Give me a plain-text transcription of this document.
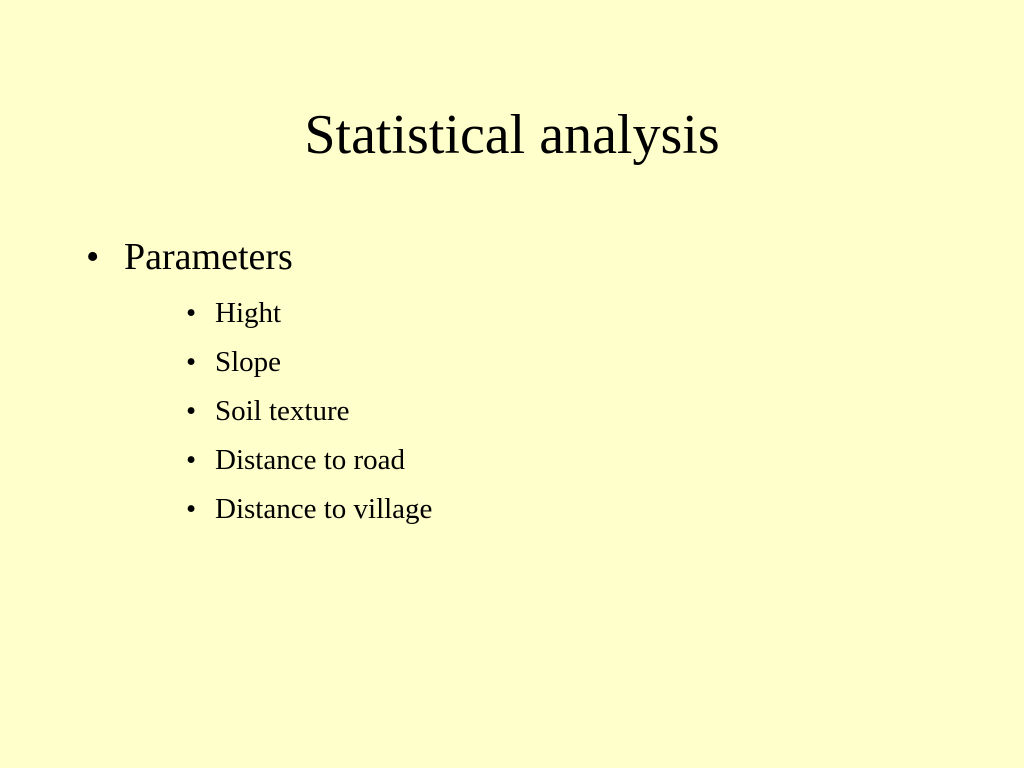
Statistical analysis
• Parameters
• Hight
• Slope
• Soil texture
• Distance to road
• Distance to village
